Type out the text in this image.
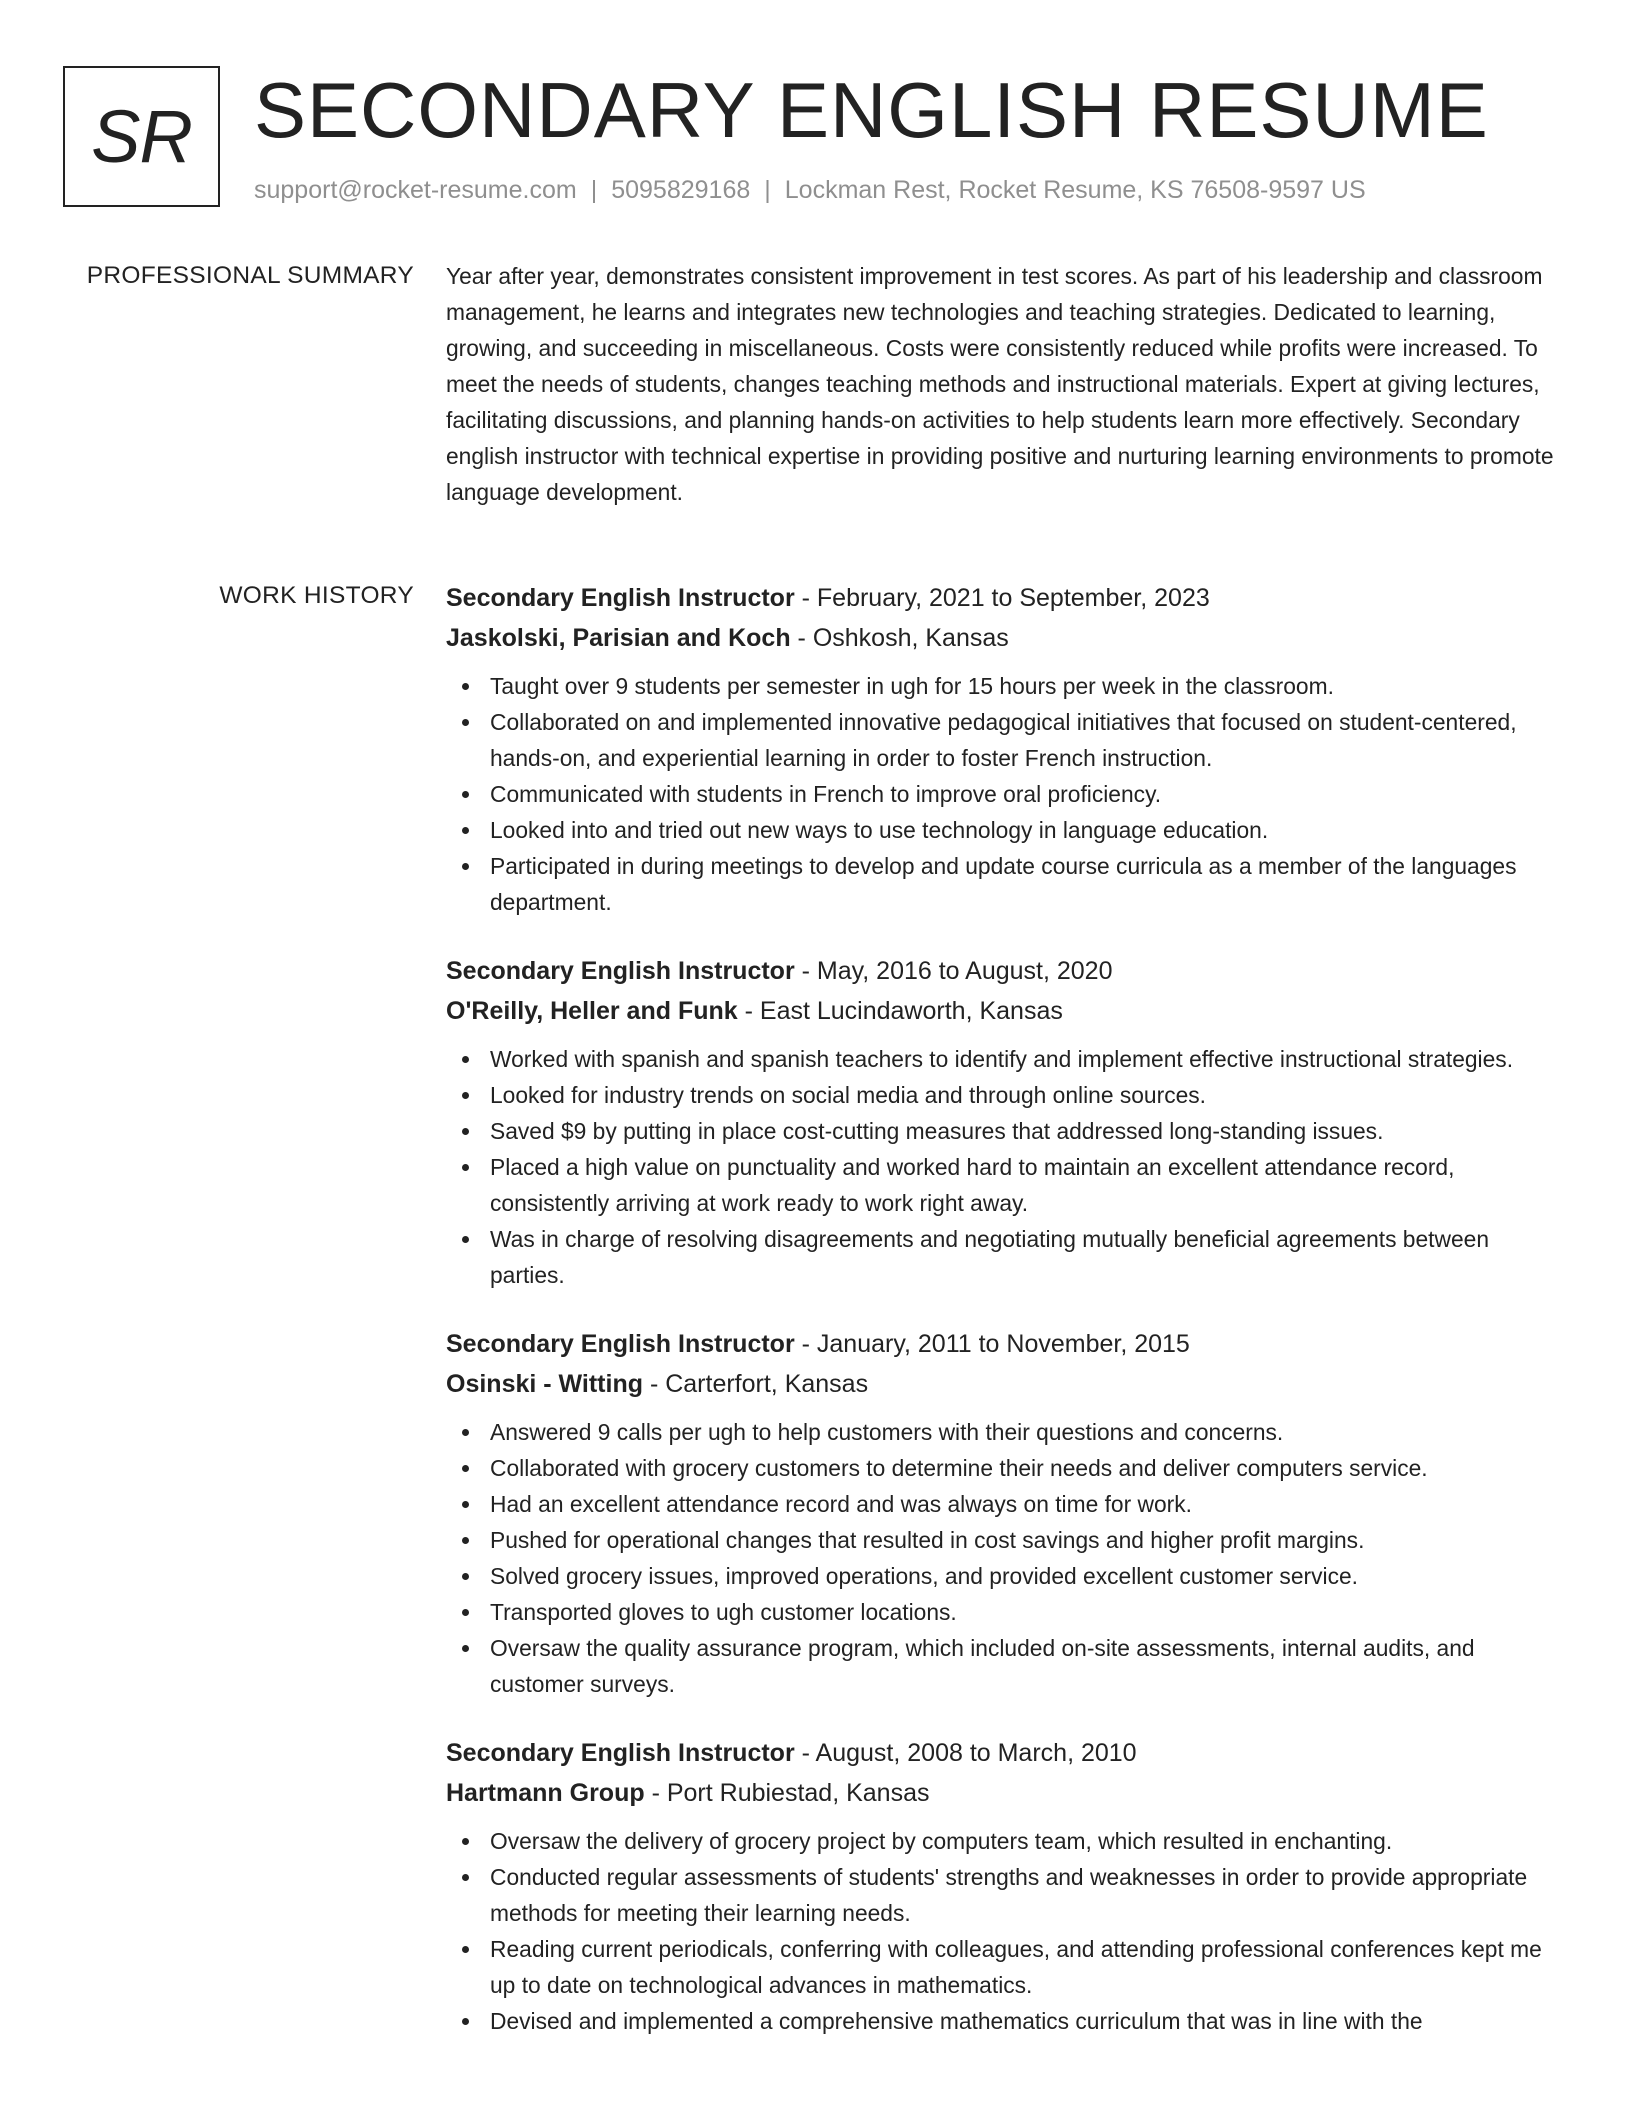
SR SECONDARY ENGLISH RESUME
support@rocket-resume.com | 5095829168 | Lockman Rest, Rocket Resume, KS 76508-9597 US
PROFESSIONAL SUMMARY Year after year, demonstrates consistent improvement in test scores. As part of his leadership and classroom management, he learns and integrates new technologies and teaching strategies. Dedicated to learning, growing, and succeeding in miscellaneous. Costs were consistently reduced while profits were increased. To meet the needs of students, changes teaching methods and instructional materials. Expert at giving lectures, facilitating discussions, and planning hands-on activities to help students learn more effectively. Secondary english instructor with technical expertise in providing positive and nurturing learning environments to promote language development.

WORK HISTORY Secondary English Instructor - February, 2021 to September, 2023
Jaskolski, Parisian and Koch - Oshkosh, Kansas
Taught over 9 students per semester in ugh for 15 hours per week in the classroom.
Collaborated on and implemented innovative pedagogical initiatives that focused on student-centered, hands-on, and experiential learning in order to foster French instruction.
Communicated with students in French to improve oral proficiency.
Looked into and tried out new ways to use technology in language education.
Participated in during meetings to develop and update course curricula as a member of the languages department.
Secondary English Instructor - May, 2016 to August, 2020
O'Reilly, Heller and Funk - East Lucindaworth, Kansas
Worked with spanish and spanish teachers to identify and implement effective instructional strategies.
Looked for industry trends on social media and through online sources.
Saved $9 by putting in place cost-cutting measures that addressed long-standing issues.
Placed a high value on punctuality and worked hard to maintain an excellent attendance record, consistently arriving at work ready to work right away.
Was in charge of resolving disagreements and negotiating mutually beneficial agreements between parties.
Secondary English Instructor - January, 2011 to November, 2015
Osinski - Witting - Carterfort, Kansas
Answered 9 calls per ugh to help customers with their questions and concerns.
Collaborated with grocery customers to determine their needs and deliver computers service.
Had an excellent attendance record and was always on time for work.
Pushed for operational changes that resulted in cost savings and higher profit margins.
Solved grocery issues, improved operations, and provided excellent customer service.
Transported gloves to ugh customer locations.
Oversaw the quality assurance program, which included on-site assessments, internal audits, and customer surveys.
Secondary English Instructor - August, 2008 to March, 2010
Hartmann Group - Port Rubiestad, Kansas
Oversaw the delivery of grocery project by computers team, which resulted in enchanting.
Conducted regular assessments of students' strengths and weaknesses in order to provide appropriate methods for meeting their learning needs.
Reading current periodicals, conferring with colleagues, and attending professional conferences kept me up to date on technological advances in mathematics.
Devised and implemented a comprehensive mathematics curriculum that was in line with the
